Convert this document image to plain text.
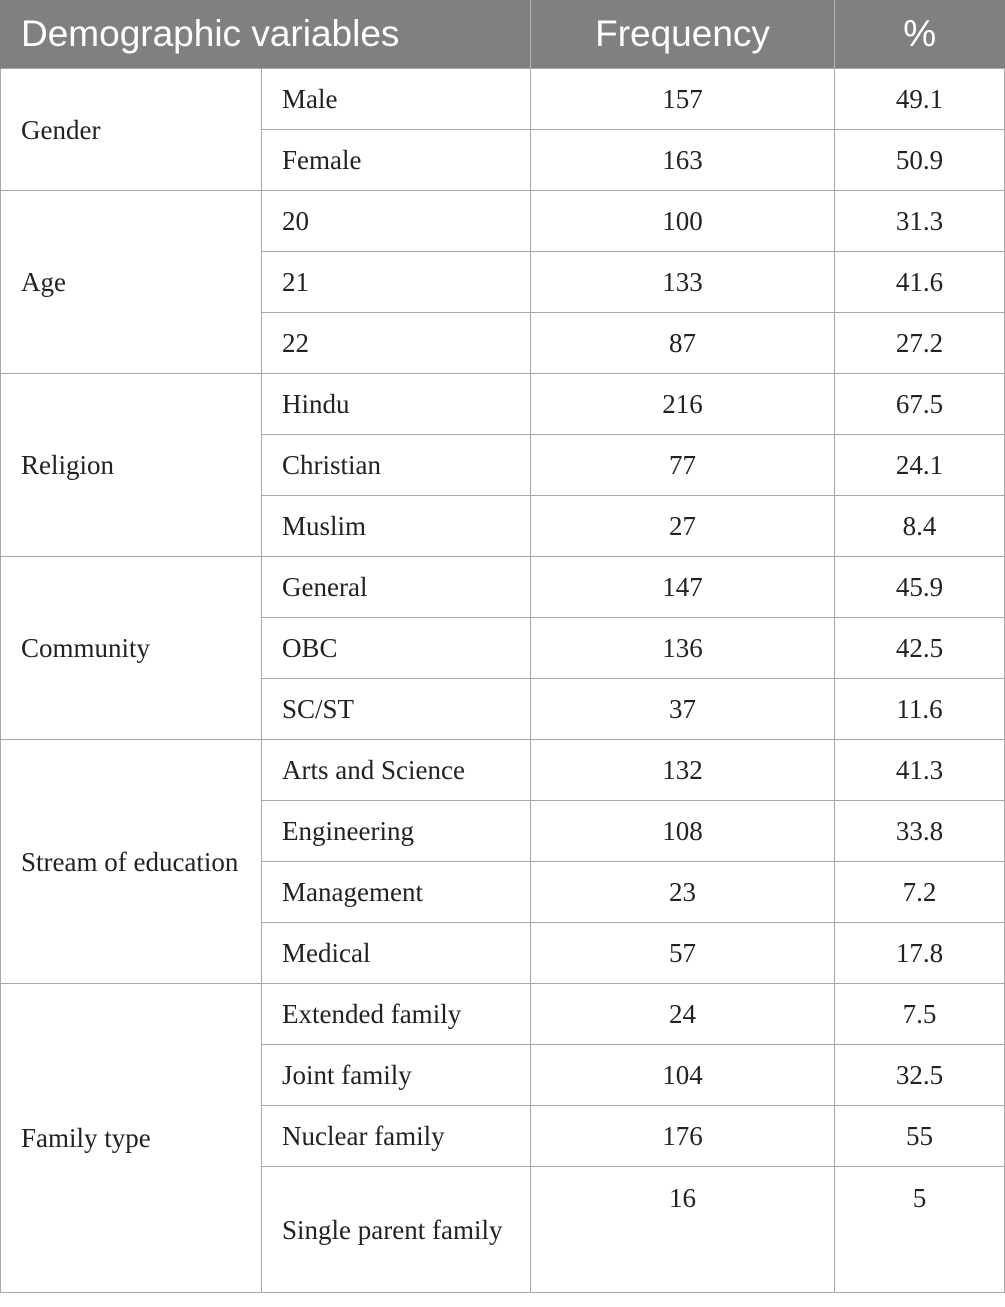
Demographic variables		Frequency	%
Gender	Male	157	49.1
	Female	163	50.9
Age	20	100	31.3
	21	133	41.6
	22	87	27.2
Religion	Hindu	216	67.5
	Christian	77	24.1
	Muslim	27	8.4
Community	General	147	45.9
	OBC	136	42.5
	SC/ST	37	11.6
Stream of education	Arts and Science	132	41.3
	Engineering	108	33.8
	Management	23	7.2
	Medical	57	17.8
Family type	Extended family	24	7.5
	Joint family	104	32.5
	Nuclear family	176	55
	Single parent family	16	5
